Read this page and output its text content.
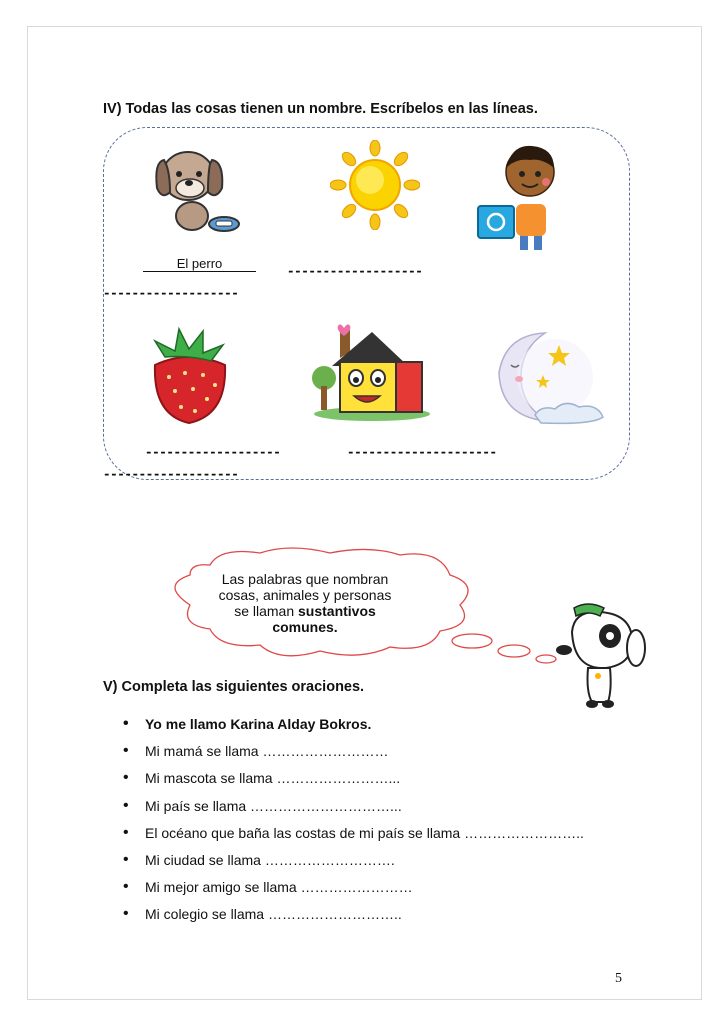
IV) Todas las cosas tienen un nombre. Escríbelos en las líneas.
El perro	-------------------
-------------------
-------------------	---------------------
-------------------
Las palabras que nombran
cosas, animales y personas
se llaman sustantivos
comunes.
V) Completa las siguientes oraciones.
• Yo me llamo Karina Alday Bokros.
• Mi mamá se llama ………………………
• Mi mascota se llama ……………………...
• Mi país se llama …………………………...
• El océano que baña las costas de mi país se llama ……………………..
• Mi ciudad se llama ……………………….
• Mi mejor amigo se llama ……………………
• Mi colegio se llama ………………………..
5
